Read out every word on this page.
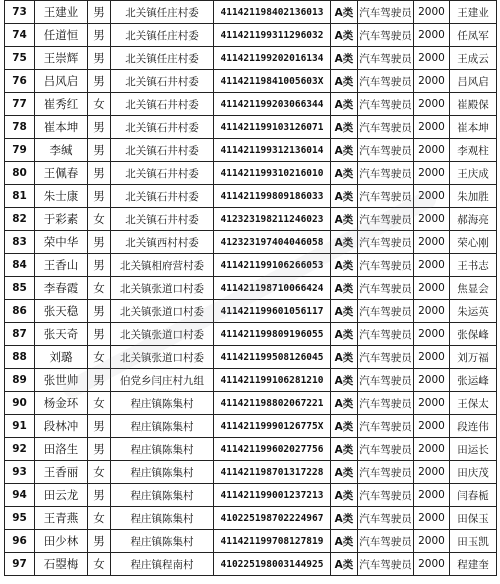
73	王建业	男	北关镇任庄村委	411421198402136013	A类	汽车驾驶员	2000	王建业
74	任道恒	男	北关镇任庄村委	411421199311296032	A类	汽车驾驶员	2000	任凤军
75	王崇辉	男	北关镇任庄村委	411421199202016134	A类	汽车驾驶员	2000	王成云
76	吕风启	男	北关镇石井村委	41142119841005603X	A类	汽车驾驶员	2000	吕风启
77	崔秀红	女	北关镇石井村委	411421199203066344	A类	汽车驾驶员	2000	崔殿保
78	崔本坤	男	北关镇石井村委	411421199103126071	A类	汽车驾驶员	2000	崔本坤
79	李缄	男	北关镇石井村委	411421199312136014	A类	汽车驾驶员	2000	李观柱
80	王佩春	男	北关镇石井村委	411421199310216010	A类	汽车驾驶员	2000	王庆成
81	朱士康	男	北关镇石井村委	411421199809186033	A类	汽车驾驶员	2000	朱加胜
82	于彩素	女	北关镇石井村委	412323198211246023	A类	汽车驾驶员	2000	郝海亮
83	荣中华	男	北关镇西村村委	412323197404046058	A类	汽车驾驶员	2000	荣心刚
84	王香山	男	北关镇相府营村委	411421199106266053	A类	汽车驾驶员	2000	王书志
85	李春霞	女	北关镇张道口村委	411421198710066424	A类	汽车驾驶员	2000	焦显会
86	张天稳	男	北关镇张道口村委	411421199601056117	A类	汽车驾驶员	2000	朱运英
87	张天奇	男	北关镇张道口村委	411421199809196055	A类	汽车驾驶员	2000	张保峰
88	刘璐	女	北关镇张道口村委	411421199508126045	A类	汽车驾驶员	2000	刘万福
89	张世帅	男	伯党乡闫庄村九组	411421199106281210	A类	汽车驾驶员	2000	张运峰
90	杨金环	女	程庄镇陈集村	411421198802067221	A类	汽车驾驶员	2000	王保太
91	段林冲	男	程庄镇陈集村	41142119990126775X	A类	汽车驾驶员	2000	段连伟
92	田洛生	男	程庄镇陈集村	411421199602027756	A类	汽车驾驶员	2000	田运长
93	王香丽	女	程庄镇陈集村	411421198701317228	A类	汽车驾驶员	2000	田庆茂
94	田云龙	男	程庄镇陈集村	411421199001237213	A类	汽车驾驶员	2000	闫春栀
95	王青燕	女	程庄镇陈集村	410225198702224967	A类	汽车驾驶员	2000	田保玉
96	田少林	男	程庄镇陈集村	411421199708127819	A类	汽车驾驶员	2000	田玉凯
97	石曌梅	女	程庄镇程南村	410225198003144925	A类	汽车驾驶员	2000	程建奎
